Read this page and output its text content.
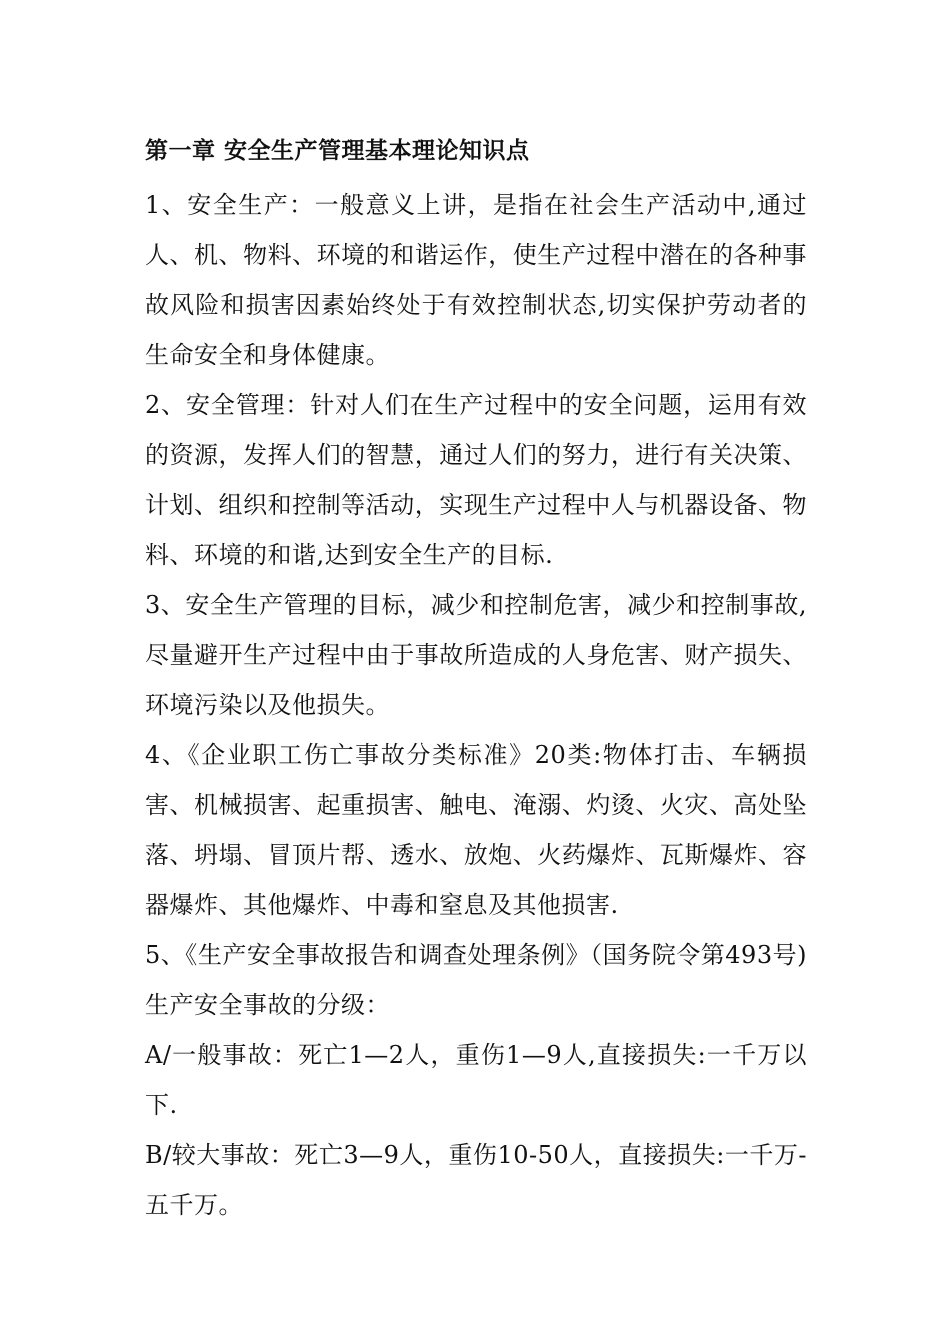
第一章 安全生产管理基本理论知识点

1、安全生产：一般意义上讲，是指在社会生产活动中,通过人、机、物料、环境的和谐运作，使生产过程中潜在的各种事故风险和损害因素始终处于有效控制状态,切实保护劳动者的生命安全和身体健康。

2、安全管理：针对人们在生产过程中的安全问题，运用有效的资源，发挥人们的智慧，通过人们的努力，进行有关决策、计划、组织和控制等活动，实现生产过程中人与机器设备、物料、环境的和谐,达到安全生产的目标.

3、安全生产管理的目标，减少和控制危害，减少和控制事故,尽量避开生产过程中由于事故所造成的人身危害、财产损失、环境污染以及他损失。

4、《企业职工伤亡事故分类标准》20类:物体打击、车辆损害、机械损害、起重损害、触电、淹溺、灼烫、火灾、高处坠落、坍塌、冒顶片帮、透水、放炮、火药爆炸、瓦斯爆炸、容器爆炸、其他爆炸、中毒和窒息及其他损害.

5、《生产安全事故报告和调查处理条例》（国务院令第493号)生产安全事故的分级：

A/一般事故：死亡1—2人，重伤1—9人,直接损失:一千万以下.

B/较大事故：死亡3—9人，重伤10-50人，直接损失:一千万-五千万。
